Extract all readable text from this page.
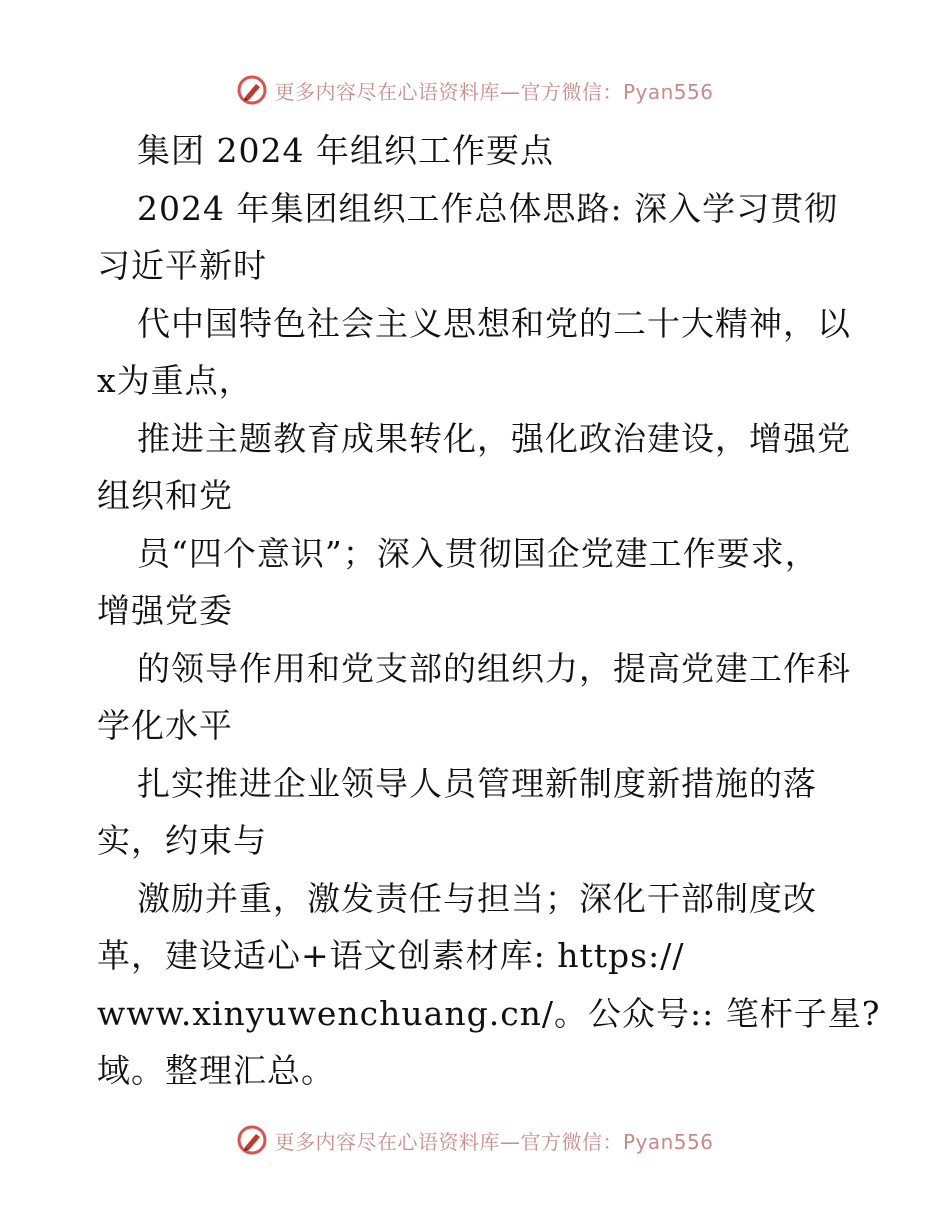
更多内容尽在心语资料库—官方微信：Pyan556
集团 2024 年组织工作要点
2024 年集团组织工作总体思路: 深入学习贯彻
习近平新时
代中国特色社会主义思想和党的二十大精神，以
x为重点，
推进主题教育成果转化，强化政治建设，增强党
组织和党
员“四个意识”；深入贯彻国企党建工作要求，
增强党委
的领导作用和党支部的组织力，提高党建工作科
学化水平
扎实推进企业领导人员管理新制度新措施的落
实，约束与
激励并重，激发责任与担当；深化干部制度改
革，建设适心+语文创素材库: https://
www.xinyuwenchuang.cn/。公众号:: 笔杆子星?
域。整理汇总。
更多内容尽在心语资料库—官方微信：Pyan556
